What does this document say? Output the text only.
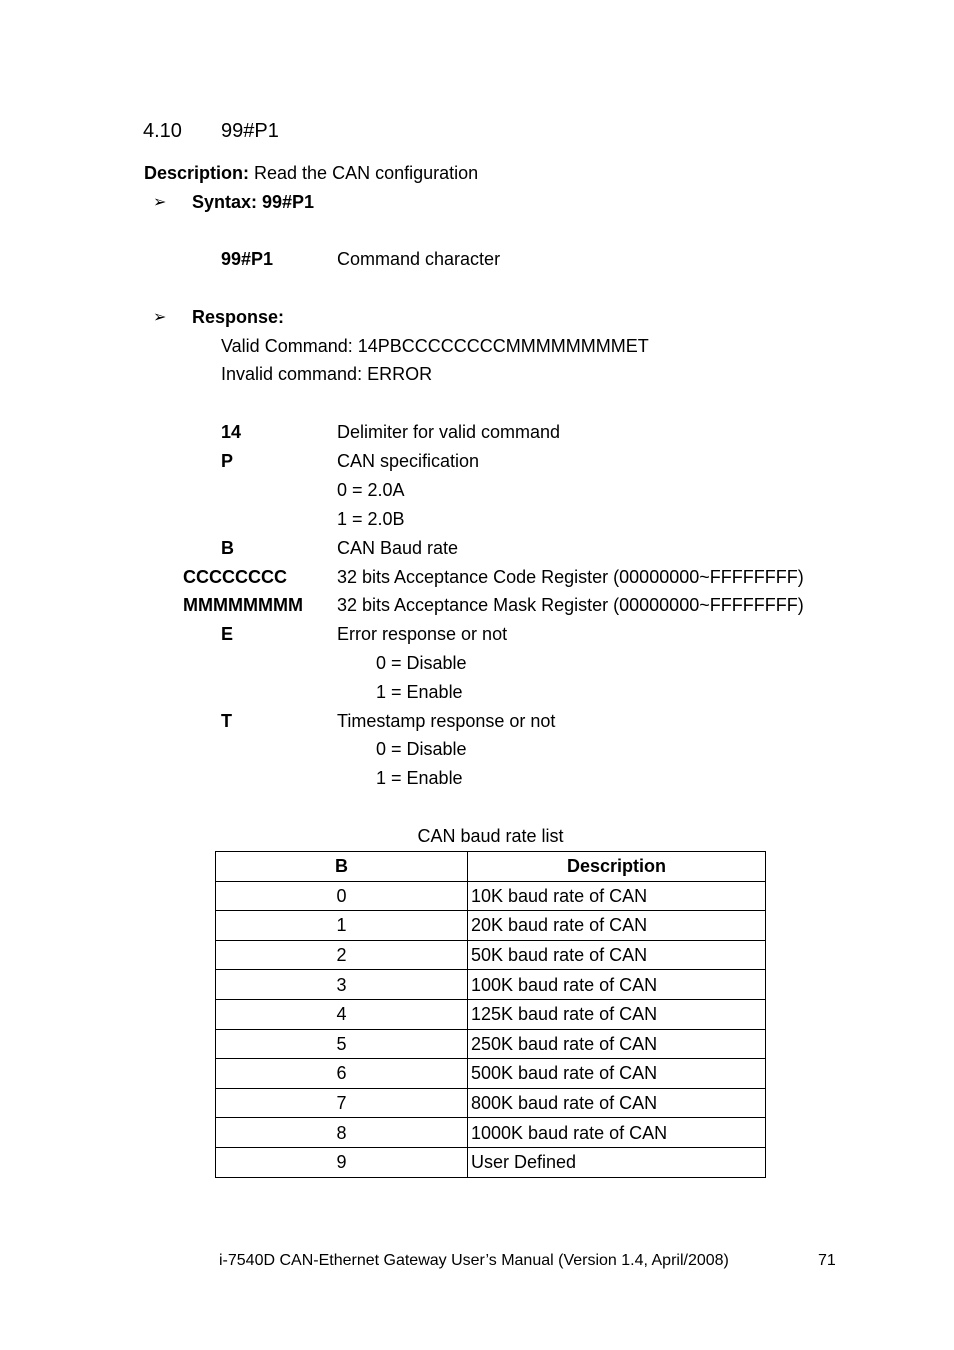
4.10 99#P1
Description: Read the CAN configuration
➢ Syntax: 99#P1
99#P1	Command character
➢ Response:
Valid Command: 14PBCCCCCCCCMMMMMMMMET
Invalid command: ERROR
14	Delimiter for valid command
P	CAN specification
0 = 2.0A
1 = 2.0B
B	CAN Baud rate
CCCCCCCC	32 bits Acceptance Code Register (00000000~FFFFFFFF)
MMMMMMMM 32 bits Acceptance Mask Register (00000000~FFFFFFFF)
E	Error response or not
0 = Disable
1 = Enable
T	Timestamp response or not
0 = Disable
1 = Enable
CAN baud rate list
B	Description
0	10K baud rate of CAN
1	20K baud rate of CAN
2	50K baud rate of CAN
3	100K baud rate of CAN
4	125K baud rate of CAN
5	250K baud rate of CAN
6	500K baud rate of CAN
7	800K baud rate of CAN
8	1000K baud rate of CAN
9	User Defined
i-7540D CAN-Ethernet Gateway User’s Manual (Version 1.4, April/2008)	71
